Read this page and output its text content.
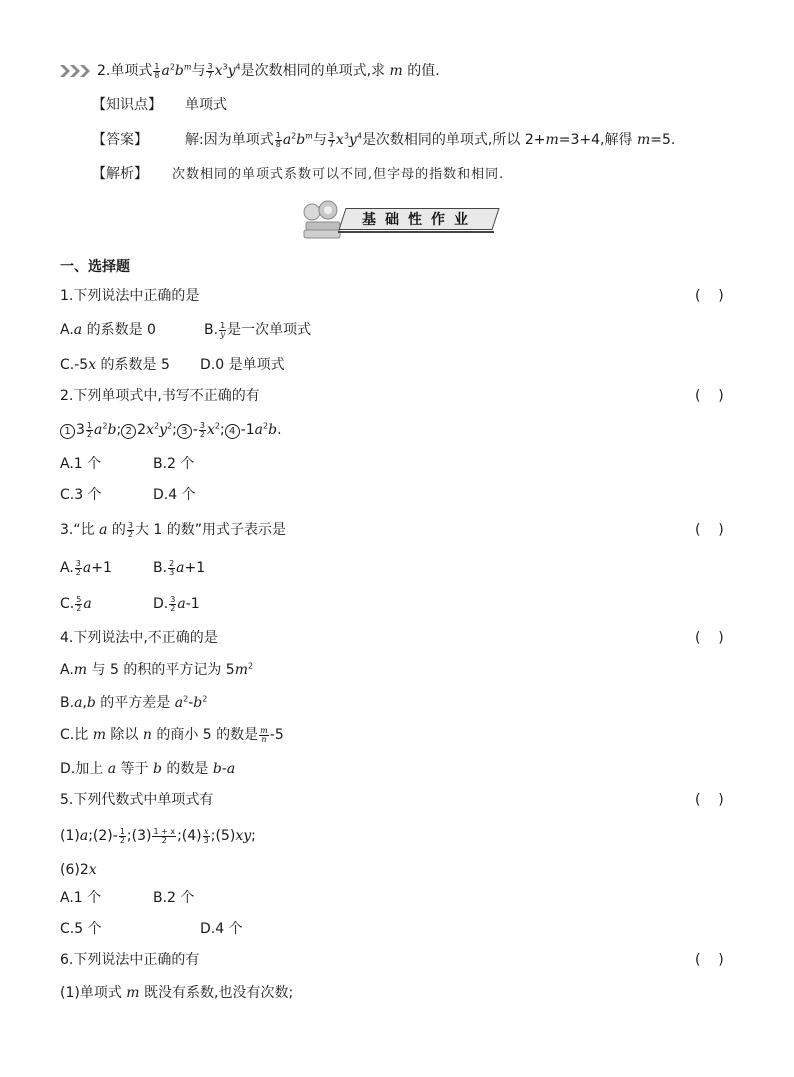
2.单项式 $\frac{1}{8} a^2b^m$与 $\frac{3}{7} x^3y^4$是次数相同的单项式,求 m 的值.
【知识点】 单项式
【答案】	解:因为单项式 $\frac{1}{8} a^2b^m$与 $\frac{3}{7} x^3y^4$是次数相同的单项式,所以 2+m=3+4,解得 m=5.
【解析】 次数相同的单项式系数可以不同,但字母的指数和相同.
基础性作业
一、选择题
1.下列说法中正确的是	(    )
A.a 的系数是 0	B. $\frac{1}{y}$ 是一次单项式
C.-5x 的系数是 5 D.0 是单项式
2.下列单项式中,书写不正确的有	(    )
1 $3 \frac{1}{2} a^2b$; 2 $2x^2y^2$; $3 - \frac{3}{2} x^2$; 4 $-1a^2b$.
A.1 个	B.2 个
C.3 个	D.4 个
3.“比 a 的 $\frac{3}{2}$ 大 1 的数”用式子表示是	(    )
A. $\frac{3}{2} a+1$	B. $\frac{2}{3} a+1$
C. $\frac{5}{2}$ a	D. $\frac{3}{2} a-1$
4.下列说法中,不正确的是	(    )
A.m 与 5 的积的平方记为 $5m^2$
B.a,b 的平方差是 $a^2-b^2$
C.比 m 除以 n 的商小 5 的数是 $\frac{m}{n} -5$
D.加上 a 等于 b 的数是 b-a
5.下列代数式中单项式有	(    )
(1)a;(2)- $\frac{1}{2}$ ;(3) $\frac{1 + x}{2}$ ;(4) $\frac{x}{3}$ ;(5)xy;
(6)2x
A.1 个	B.2 个
C.5 个	D.4 个
6.下列说法中正确的有	(    )
(1)单项式 m 既没有系数,也没有次数;
